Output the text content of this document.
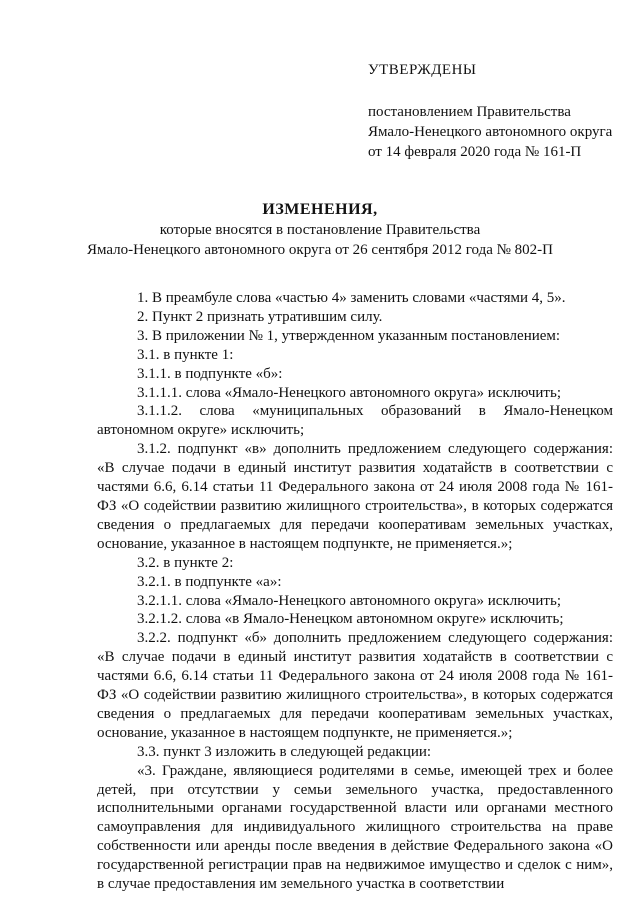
УТВЕРЖДЕНЫ
постановлением Правительства
Ямало-Ненецкого автономного округа
от 14 февраля 2020 года № 161-П
ИЗМЕНЕНИЯ,
которые вносятся в постановление Правительства
Ямало-Ненецкого автономного округа от 26 сентября 2012 года № 802-П
1. В преамбуле слова «частью 4» заменить словами «частями 4, 5».
2. Пункт 2 признать утратившим силу.
3. В приложении № 1, утвержденном указанным постановлением:
3.1. в пункте 1:
3.1.1. в подпункте «б»:
3.1.1.1. слова «Ямало-Ненецкого автономного округа» исключить;
3.1.1.2. слова «муниципальных образований в Ямало-Ненецком автономном округе» исключить;
3.1.2. подпункт «в» дополнить предложением следующего содержания: «В случае подачи в единый институт развития ходатайств в соответствии с частями 6.6, 6.14 статьи 11 Федерального закона от 24 июля 2008 года № 161-ФЗ «О содействии развитию жилищного строительства», в которых содержатся сведения о предлагаемых для передачи кооперативам земельных участках, основание, указанное в настоящем подпункте, не применяется.»;
3.2. в пункте 2:
3.2.1. в подпункте «а»:
3.2.1.1. слова «Ямало-Ненецкого автономного округа» исключить;
3.2.1.2. слова «в Ямало-Ненецком автономном округе» исключить;
3.2.2. подпункт «б» дополнить предложением следующего содержания: «В случае подачи в единый институт развития ходатайств в соответствии с частями 6.6, 6.14 статьи 11 Федерального закона от 24 июля 2008 года № 161-ФЗ «О содействии развитию жилищного строительства», в которых содержатся сведения о предлагаемых для передачи кооперативам земельных участках, основание, указанное в настоящем подпункте, не применяется.»;
3.3. пункт 3 изложить в следующей редакции:
«3. Граждане, являющиеся родителями в семье, имеющей трех и более детей, при отсутствии у семьи земельного участка, предоставленного исполнительными органами государственной власти или органами местного самоуправления для индивидуального жилищного строительства на праве собственности или аренды после введения в действие Федерального закона «О государственной регистрации прав на недвижимое имущество и сделок с ним», в случае предоставления им земельного участка в соответствии
